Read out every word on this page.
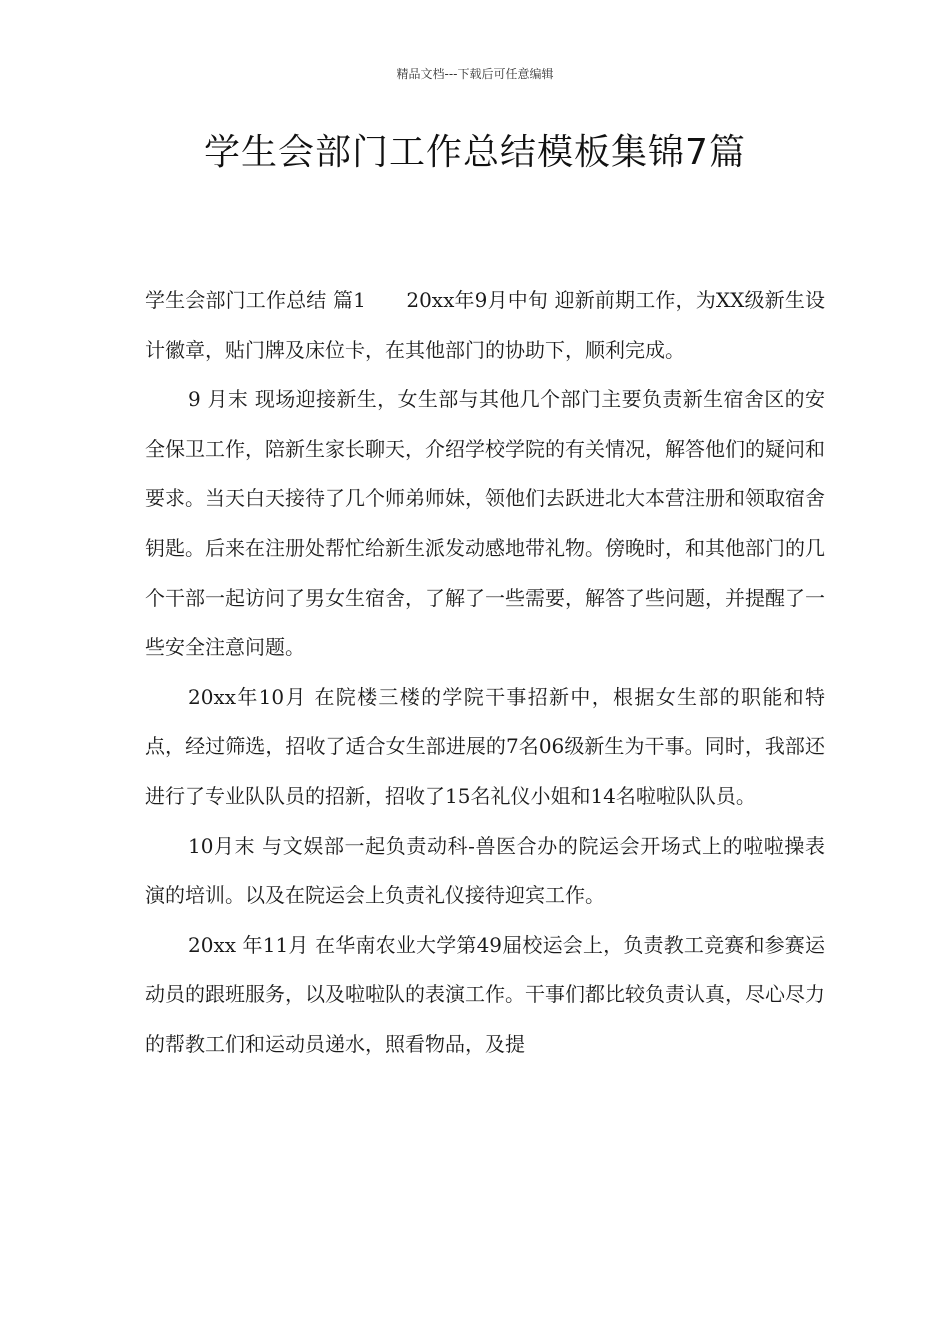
精品文档---下载后可任意编辑
学生会部门工作总结模板集锦7篇

学生会部门工作总结 篇1　　20xx年9月中旬 迎新前期工作，为XX级新生设计徽章，贴门牌及床位卡，在其他部门的协助下，顺利完成。

9 月末 现场迎接新生，女生部与其他几个部门主要负责新生宿舍区的安全保卫工作，陪新生家长聊天，介绍学校学院的有关情况，解答他们的疑问和要求。当天白天接待了几个师弟师妹，领他们去跃进北大本营注册和领取宿舍钥匙。后来在注册处帮忙给新生派发动感地带礼物。傍晚时，和其他部门的几个干部一起访问了男女生宿舍，了解了一些需要，解答了些问题，并提醒了一些安全注意问题。

20xx年10月 在院楼三楼的学院干事招新中，根据女生部的职能和特点，经过筛选，招收了适合女生部进展的7名06级新生为干事。同时，我部还进行了专业队队员的招新，招收了15名礼仪小姐和14名啦啦队队员。

10月末 与文娱部一起负责动科-兽医合办的院运会开场式上的啦啦操表演的培训。以及在院运会上负责礼仪接待迎宾工作。

20xx 年11月 在华南农业大学第49届校运会上，负责教工竞赛和参赛运动员的跟班服务，以及啦啦队的表演工作。干事们都比较负责认真，尽心尽力的帮教工们和运动员递水，照看物品，及提
